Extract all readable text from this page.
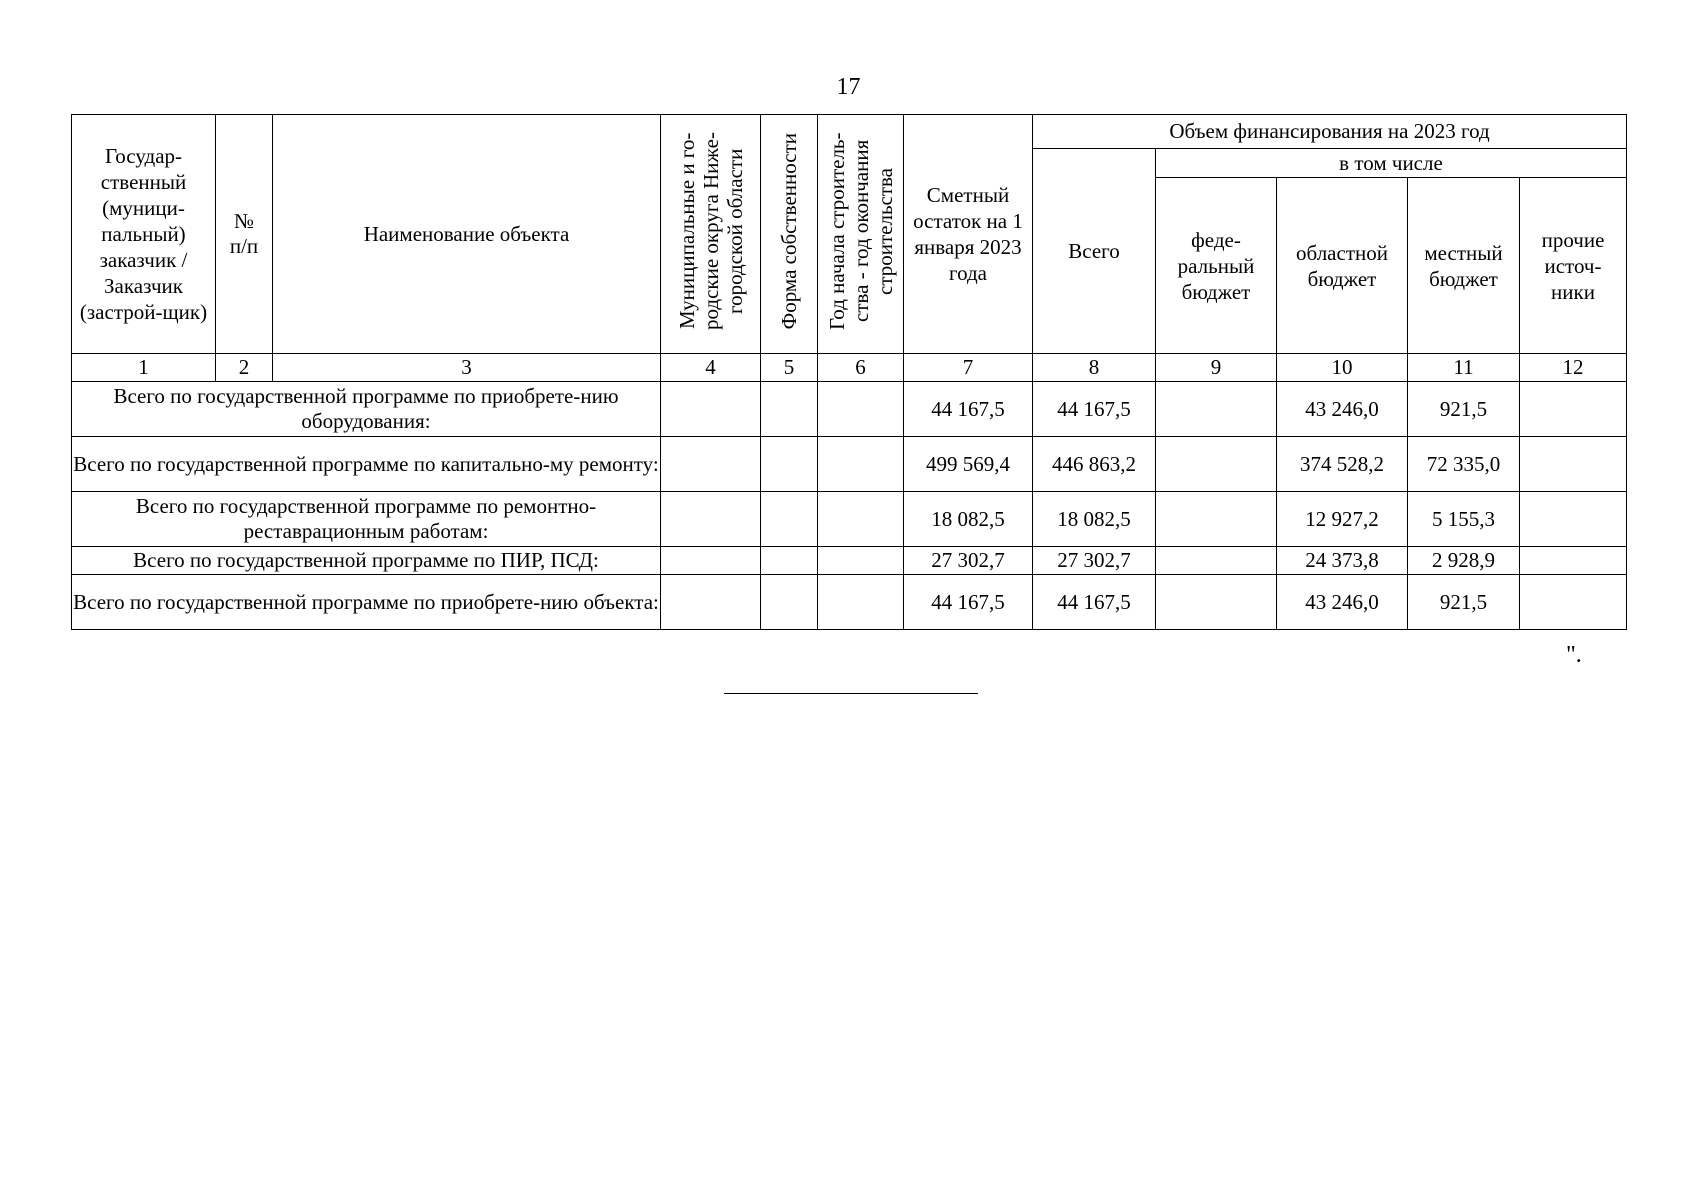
17
Государ-ственный (муници-пальный) заказчик / Заказчик (застрой-щик)	№ п/п	Наименование объекта	Муниципальные и го-родские округа Ниже-городской области	Форма собственности	Год начала строитель-ства - год окончания строительства	Сметный остаток на 1 января 2023 года	Объем финансирования на 2023 год				
							Всего	в том числе			
								феде-ральный бюджет	областной бюджет	местный бюджет	прочие источ-ники
1	2	3	4	5	6	7	8	9	10	11	12
Всего по государственной программе по приобрете-нию оборудования:						44 167,5	44 167,5		43 246,0	921,5	
Всего по государственной программе по капитально-му ремонту:						499 569,4	446 863,2		374 528,2	72 335,0	
Всего по государственной программе по ремонтно-реставрационным работам:						18 082,5	18 082,5		12 927,2	5 155,3	
Всего по государственной программе по ПИР, ПСД:						27 302,7	27 302,7		24 373,8	2 928,9	
Всего по государственной программе по приобрете-нию объекта:						44 167,5	44 167,5		43 246,0	921,5	
".
